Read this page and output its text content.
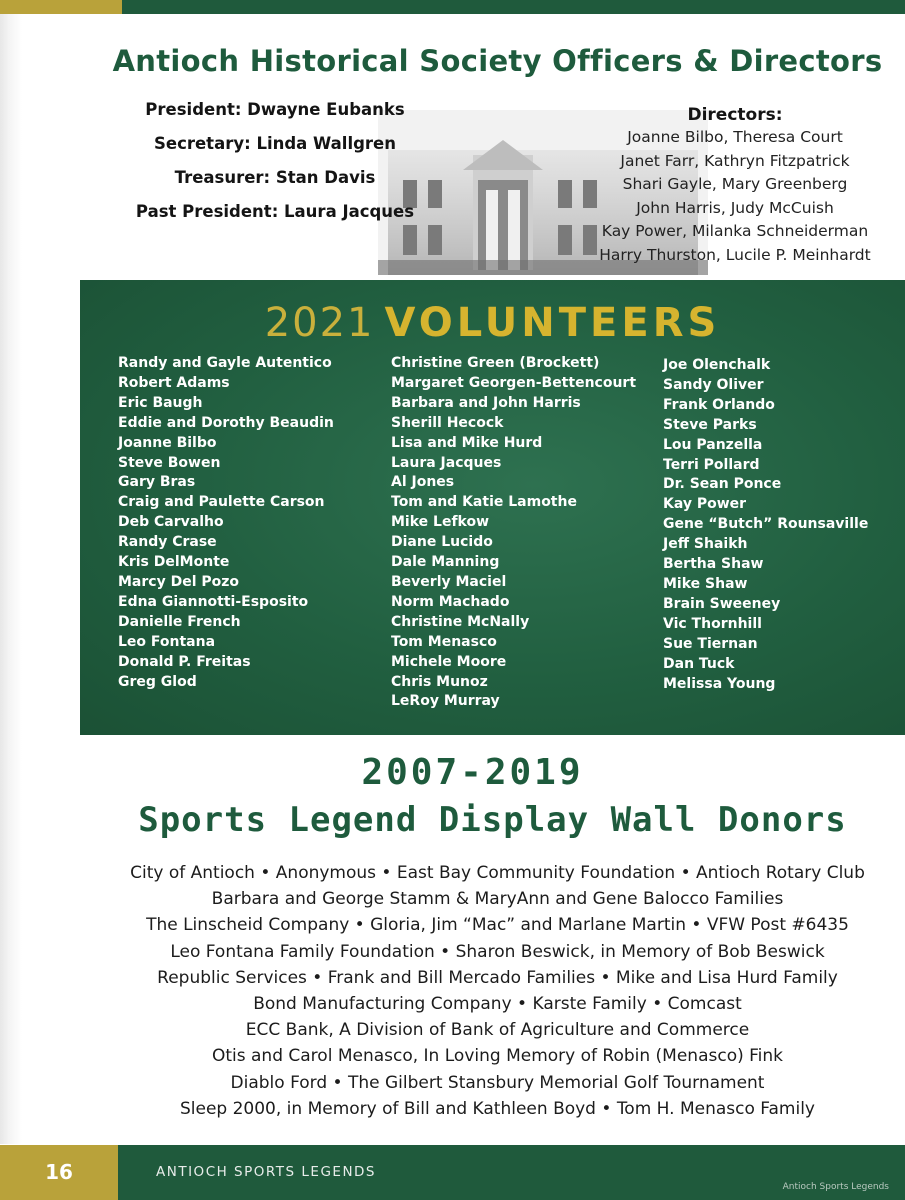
Antioch Historical Society Officers & Directors
President: Dwayne Eubanks
Secretary: Linda Wallgren
Treasurer: Stan Davis
Past President: Laura Jacques
Directors:
Joanne Bilbo, Theresa Court
Janet Farr, Kathryn Fitzpatrick
Shari Gayle, Mary Greenberg
John Harris, Judy McCuish
Kay Power, Milanka Schneiderman
Harry Thurston, Lucile P. Meinhardt
2021 VOLUNTEERS
Randy and Gayle Autentico
Robert Adams
Eric Baugh
Eddie and Dorothy Beaudin
Joanne Bilbo
Steve Bowen
Gary Bras
Craig and Paulette Carson
Deb Carvalho
Randy Crase
Kris DelMonte
Marcy Del Pozo
Edna Giannotti-Esposito
Danielle French
Leo Fontana
Donald P. Freitas
Greg Glod
Christine Green (Brockett)
Margaret Georgen-Bettencourt
Barbara and John Harris
Sherill Hecock
Lisa and Mike Hurd
Laura Jacques
Al Jones
Tom and Katie Lamothe
Mike Lefkow
Diane Lucido
Dale Manning
Beverly Maciel
Norm Machado
Christine McNally
Tom Menasco
Michele Moore
Chris Munoz
LeRoy Murray
Joe Olenchalk
Sandy Oliver
Frank Orlando
Steve Parks
Lou Panzella
Terri Pollard
Dr. Sean Ponce
Kay Power
Gene “Butch” Rounsaville
Jeff Shaikh
Bertha Shaw
Mike Shaw
Brain Sweeney
Vic Thornhill
Sue Tiernan
Dan Tuck
Melissa Young
2007-2019
Sports Legend Display Wall Donors
City of Antioch • Anonymous • East Bay Community Foundation • Antioch Rotary Club
Barbara and George Stamm & MaryAnn and Gene Balocco Families
The Linscheid Company • Gloria, Jim “Mac” and Marlane Martin • VFW Post #6435
Leo Fontana Family Foundation • Sharon Beswick, in Memory of Bob Beswick
Republic Services • Frank and Bill Mercado Families • Mike and Lisa Hurd Family
Bond Manufacturing Company • Karste Family • Comcast
ECC Bank, A Division of Bank of Agriculture and Commerce
Otis and Carol Menasco, In Loving Memory of Robin (Menasco) Fink
Diablo Ford • The Gilbert Stansbury Memorial Golf Tournament
Sleep 2000, in Memory of Bill and Kathleen Boyd • Tom H. Menasco Family
16	ANTIOCH SPORTS LEGENDS
Antioch Sports Legends
